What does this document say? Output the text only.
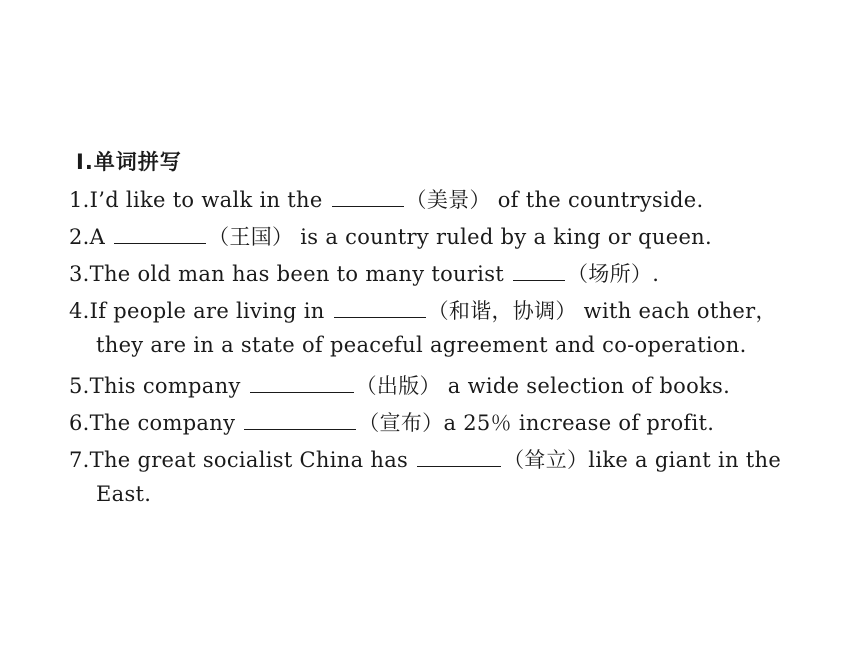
Ⅰ.单词拼写
1.I’d like to walk in the	（美景） of the countryside.
2.A	（王国） is a country ruled by a king or queen.
3.The old man has been to many tourist	（场所）.
4.If people are living in	（和谐，协调） with each other，
they are in a state of peaceful agreement and co-operation.
5.This company	（出版） a wide selection of books.
6.The company	（宣布）a 25％ increase of profit.
7.The great socialist China has	（耸立）like a giant in the
East.
